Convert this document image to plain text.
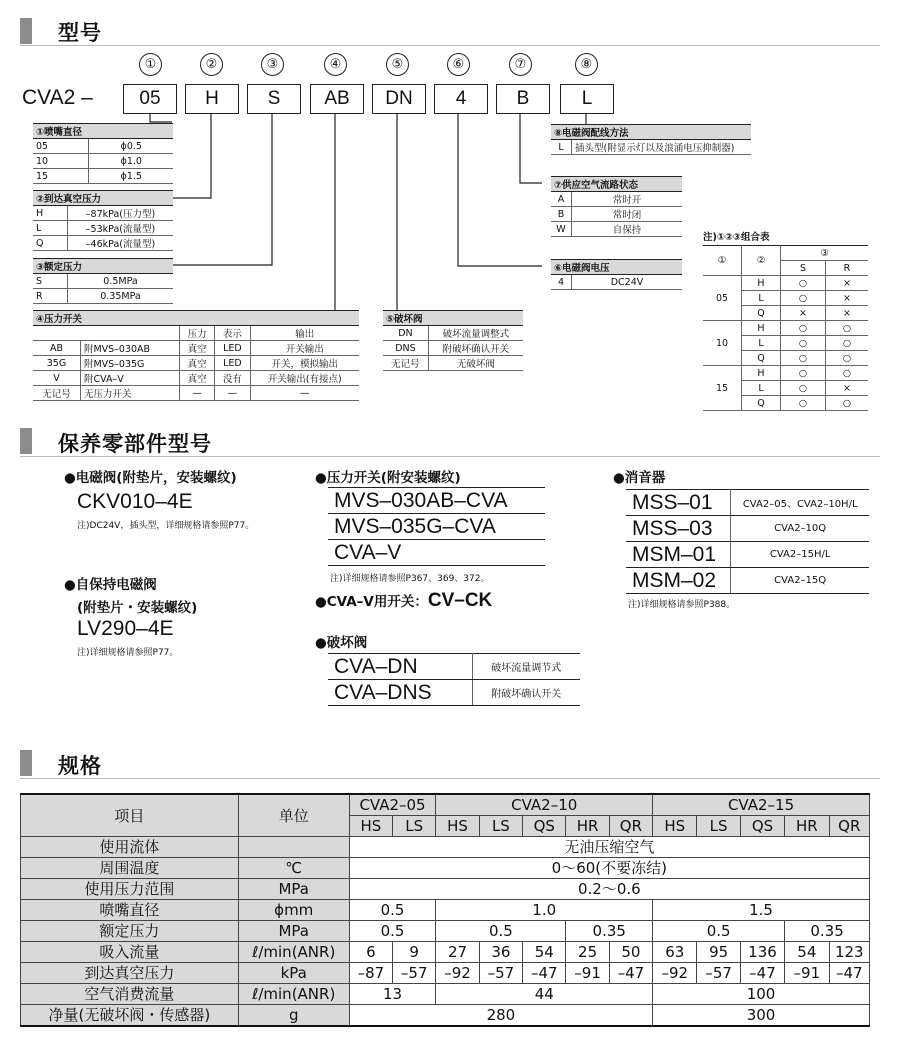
型号
①	②	③	④	⑤	⑥	⑦	⑧
CVA2 –	05	H	S	AB	DN	4	B	L
①喷嘴直径	
05	ϕ0.5
10	ϕ1.0
15	ϕ1.5
②到达真空压力	
H	–87kPa(压力型)
L	–53kPa(流量型)
Q	–46kPa(流量型)
③额定压力	
S	0.5MPa
R	0.35MPa
④压力开关				
		压力	表示	输出
AB	附MVS–030AB	真空	LED	开关输出
35G	附MVS–035G	真空	LED	开关，模拟输出
V	附CVA–V	真空	没有	开关输出(有接点)
无记号	无压力开关	—	—	—
⑤破坏阀	
DN	破坏流量调整式
DNS	附破坏确认开关
无记号	无破坏阀
⑧电磁阀配线方法
L	插头型(附显示灯以及浪涌电压抑制器)
⑦供应空气流路状态	
A	常时开
B	常时闭
W	自保持
⑥电磁阀电压
4	DC24V
注)①②③组合表
①	②	③	
		S	R
05	H	○	×
	L	○	×
	Q	×	×
10	H	○	○
	L	○	○
	Q	○	○
15	H	○	○
	L	○	×
	Q	○	○
保养零部件型号
●电磁阀(附垫片，安装螺纹)
CKV010–4E
注)DC24V，插头型，详细规格请参照P77。
●自保持电磁阀
(附垫片・安装螺纹)
LV290–4E
注)详细规格请参照P77。
●压力开关(附安装螺纹)
MVS–030AB–CVA
MVS–035G–CVA
CVA–V
注)详细规格请参照P367、369、372。
●CVA–V用开关：CV–CK
●破坏阀
CVA–DN	破坏流量调节式
CVA–DNS	附破坏确认开关
●消音器
MSS–01	CVA2–05、CVA2–10H/L
MSS–03	CVA2–10Q
MSM–01	CVA2–15H/L
MSM–02	CVA2–15Q
注)详细规格请参照P388。
规格
项目	单位	CVA2–05		CVA2–10					CVA2–15				
		HS	LS	HS	LS	QS	HR	QR	HS	LS	QS	HR	QR
使用流体		无油压缩空气											
周围温度	℃	0～60(不要冻结)											
使用压力范围	MPa	0.2～0.6											
喷嘴直径	ϕmm	0.5		1.0					1.5				
额定压力	MPa	0.5		0.5			0.35		0.5			0.35	
吸入流量	ℓ/min(ANR)	6	9	27	36	54	25	50	63	95	136	54	123
到达真空压力	kPa	–87	–57	–92	–57	–47	–91	–47	–92	–57	–47	–91	–47
空气消费流量	ℓ/min(ANR)	13		44					100				
净量(无破坏阀・传感器)	g	280							300				
